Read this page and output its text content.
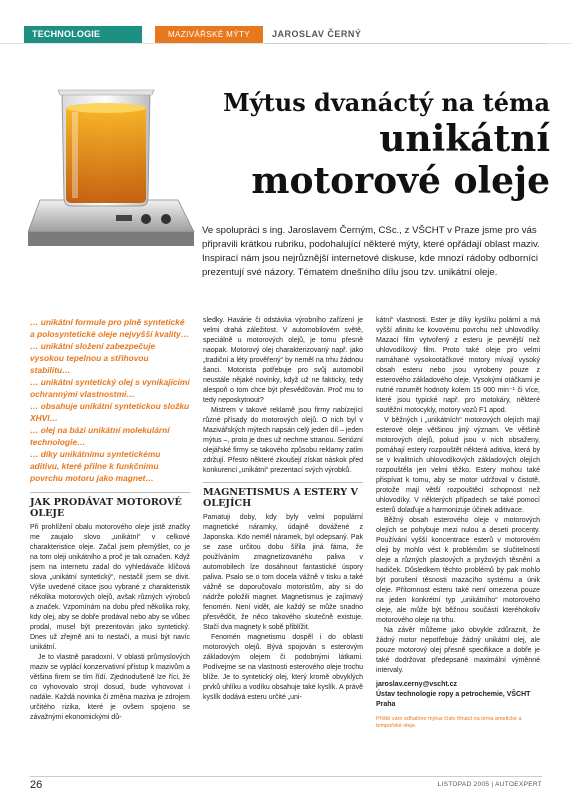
TECHNOLOGIE	MAZIVÁŘSKÉ MÝTY	JAROSLAV ČERNÝ
Mýtus dvanáctý na téma
unikátní
motorové oleje
Ve spolupráci s ing. Jaroslavem Černým, CSc., z VŠCHT v Praze jsme pro vás připravili krátkou rubriku, podohalující některé mýty, které opřádají oblast maziv. Inspirací nám jsou nejrůznější internetové diskuse, kde mnozí rádoby odborníci prezentují své názory. Tématem dnešního dílu jsou tzv. unikátní oleje.

… unikátní formule pro plně syntetické a polosyntetické oleje nejvyšší kvality…

… unikátní složení zabezpečuje vysokou tepelnou a střihovou stabilitu…

… unikátní syntetický olej s vynikajícími ochrannými vlastnostmi…

… obsahuje unikátní syntetickou složku XHVI…

… olej na bázi unikátní molekulární technologie…

… díky unikátnímu syntetickému aditivu, které přilne k funkčnímu povrchu motoru jako magnet…

JAK PRODÁVAT MOTOROVÉ OLEJE

Při prohlížení obalu motorového oleje jistě značky me zaujalo slovo „unikátní“ v celkové charakteristice oleje. Začal jsem přemýšlet, co je na tom oleji unikátního a proč je tak označen. Když jsem na internetu zadal do vyhledávače klíčová slova „unikátní syntetický“, nestačil jsem se divit. Výše uvedené citace jsou vybrané z charakteristik několika motorových olejů, avšak různých výrobců a značek. Vzpomínám na dobu před několika roky, kdy olej, aby se dobře prodával nebo aby se vůbec prodal, musel být prezentován jako syntetický. Dnes už zřejmě ani to nestačí, a musí být navíc unikátní.

Je to vlastně paradoxní. V oblasti průmyslových maziv se vyplácí konzervativní přístup k mazivům a většina firem se tím řídí. Zjednodušeně lze říci, že co vyhovovalo strojí dosud, bude vyhovovat i nadále. Každá novinka či změna maziva je zdrojem určitého rizika, které je ovšem spojeno se závažnými ekonomickými dů-

sledky. Havárie či odstávka výrobního zařízení je velmi drahá záležitost. V automobilovém světě, speciálně u motorových olejů, je tomu přesně naopak. Motorový olej charakterizovaný např. jako „tradiční a léty prověřený“ by neměl na trhu žádnou šanci. Motorista potřebuje pro svůj automobil neustále nějaké novinky, když už ne fakticky, tedy alespoň o tom chce být přesvědčován. Proč mu to tedy neposkytnout?

Mistrem v takové reklamě jsou firmy nabízející různé přísady do motorových olejů. O nich byl v Mazivářských mýtech napsán celý jeden díl – jeden mýtus –, proto je dnes už nechme stranou. Seriózní olejářské firmy se takového způsobu reklamy zatím zdržují. Přesto některé zkoušejí získat náskok před konkurencí „unikátní“ prezentací svých výrobků.

MAGNETISMUS A ESTERY V OLEJÍCH

Pamatuji doby, kdy byly velmi populární magnetické náramky, údajně dovážené z Japonska. Kdo neměl náramek, byl odepsaný. Pak se zase určitou dobu šířila jiná fáma, že používáním zmagnetizovaného paliva v automobilech lze dosáhnout fantastické úspory paliva. Psalo se o tom docela vážně v tisku a také vážně se doporučovalo motoristům, aby si do nádrže položili magnet. Magnetismus je zajímavý fenomén. Není vidět, ale každý se může snadno přesvědčit, že něco takového skutečně existuje. Stačí dva magnety k sobě přiblížit.

Fenomén magnetismu dospěl i do oblasti motorových olejů. Bývá spojován s esterovým základovým olejem či podobnými látkami. Podívejme se na vlastnosti esterového oleje trochu blíže. Je to syntetický olej, který kromě obvyklých prvků uhlíku a vodíku obsahuje také kyslík. A právě kyslík dodává esteru určité „uni-

kátní“ vlastnosti. Ester je díky kyslíku polární a má vyšší afinitu ke kovovému povrchu než uhlovodíky. Mazací film vytvořený z esteru je pevnější než uhlovodíkový film. Proto také oleje pro velmi namáhané vysokootáčkové motory mívají vysoký obsah esteru nebo jsou vyrobeny pouze z esterového základového oleje. Vysokými otáčkami je nutné rozumět hodnoty kolem 15 000 min⁻¹ či více, které jsou typické např. pro motokáry, některé soutěžní motocykly, motory vozů F1 apod.

V běžných i „unikátních“ motorových olejích mají esterové oleje většinou jiný význam. Ve většině motorových olejů, pokud jsou v nich obsaženy, pomáhají estery rozpouštět některá aditiva, která by se v kvalitních uhlovodíkových základových olejích rozpouštěla jen velmi těžko. Estery mohou také přispívat k tomu, aby se motor udržoval v čistotě, protože mají větší rozpouštěcí schopnost než uhlovodíky. V některých případech se také pomocí esterů dolaďuje a harmonizuje účinek aditivace.

Běžný obsah esterového oleje v motorových olejích se pohybuje mezi nulou a deseti procenty. Používání vyšší koncentrace esterů v motorovém oleji by mohlo vést k problémům se slučitelností oleje a různých plastových a pryžových těsnění a hadiček. Důsledkem těchto problémů by pak mohlo být porušení těsnosti mazacího systému a únik oleje. Přítomnost esteru také není omezena pouze na jeden konkrétní typ „unikátního“ motorového oleje, ale může být běžnou součástí kteréhokoliv motorového oleje na trhu.

Na závěr můžeme jako obvykle zdůraznit, že žádný motor nepotřebuje žádný unikátní olej, ale pouze motorový olej přesně specifikace a dobře je také dodržovat předepsané maximální výměnné intervaly.

jaroslav.cerny@vscht.cz
Ústav technologie ropy a petrochemie, VŠCHT Praha
Příště vám odhalíme mýtus číslo třináct na téma ametické a tempořské oleje.
26	LISTOPAD 2005 | AUTOEXPERT
